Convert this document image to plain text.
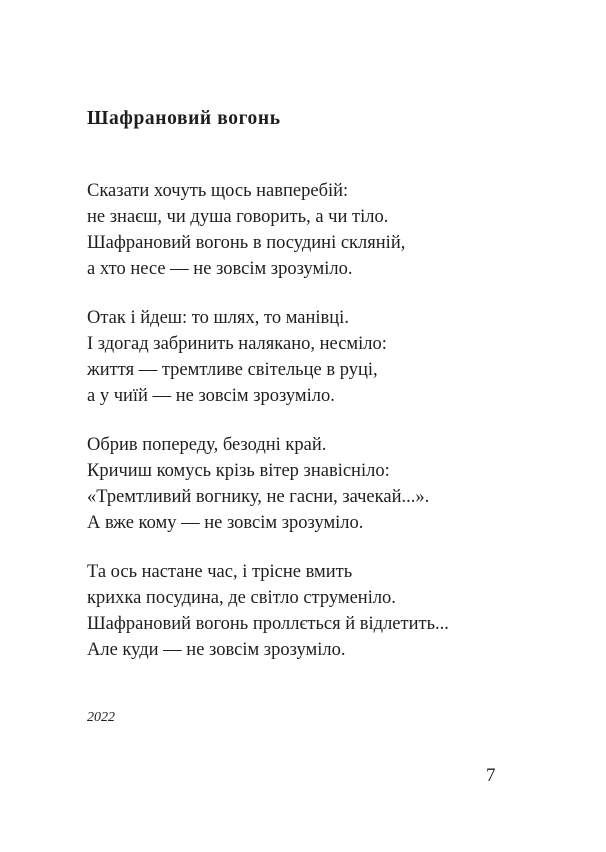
Шафрановий вогонь
Сказати хочуть щось навперебій:
не знаєш, чи душа говорить, а чи тіло.
Шафрановий вогонь в посудині скляній,
а хто несе — не зовсім зрозуміло.
Отак і йдеш: то шлях, то манівці.
І здогад забринить налякано, несміло:
життя — тремтливе світельце в руці,
а у чиїй — не зовсім зрозуміло.
Обрив попереду, безодні край.
Кричиш комусь крізь вітер знавісніло:
«Тремтливий вогнику, не гасни, зачекай...».
А вже кому — не зовсім зрозуміло.
Та ось настане час, і трісне вмить
крихка посудина, де світло струменіло.
Шафрановий вогонь проллється й відлетить...
Але куди — не зовсім зрозуміло.
2022
7
